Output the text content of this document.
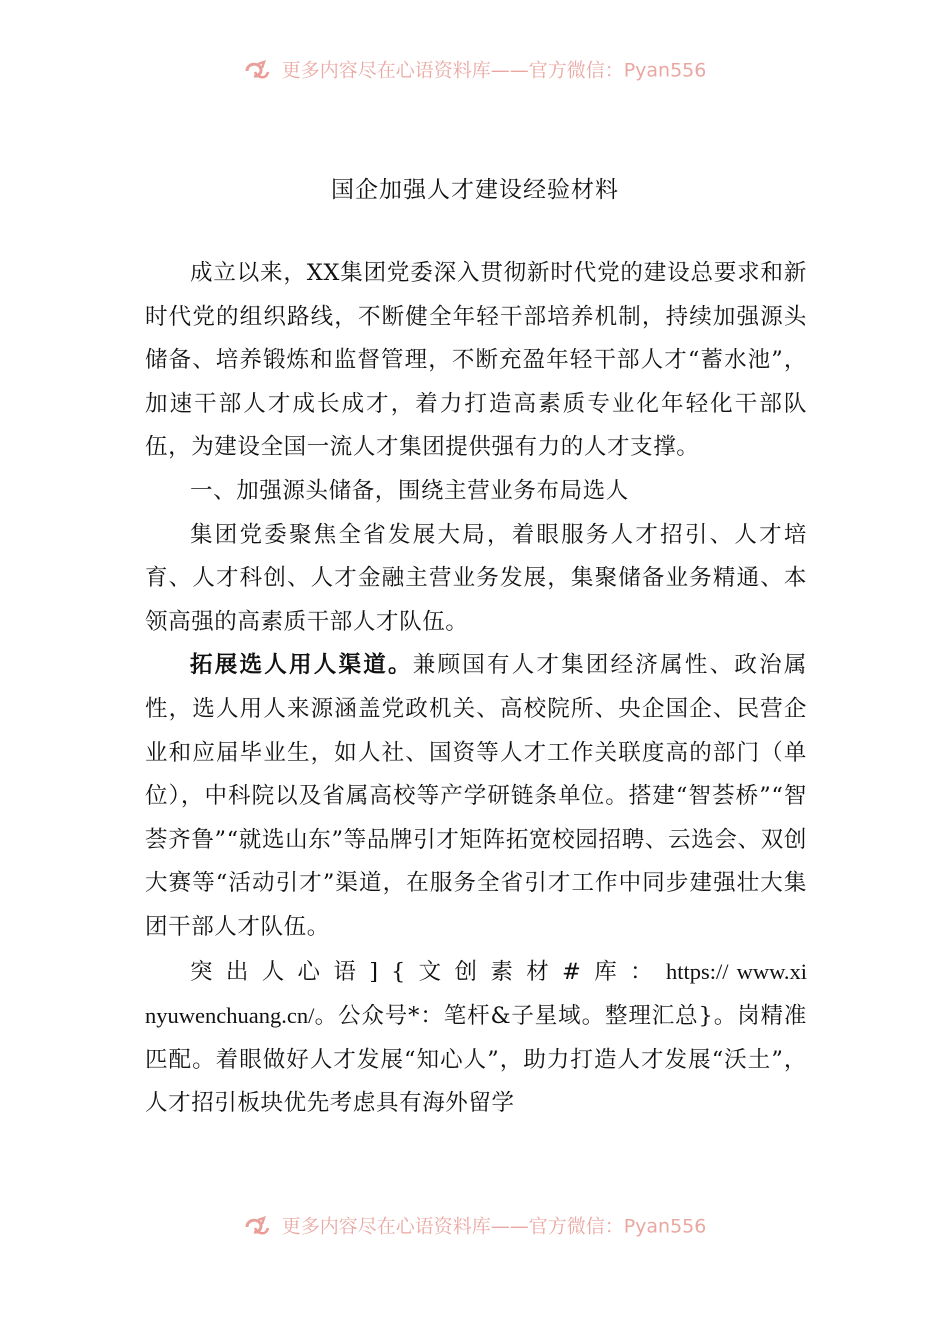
更多内容尽在心语资料库——官方微信：Pyan556
国企加强人才建设经验材料

成立以来，XX集团党委深入贯彻新时代党的建设总要求和新时代党的组织路线，不断健全年轻干部培养机制，持续加强源头储备、培养锻炼和监督管理，不断充盈年轻干部人才“蓄水池”，加速干部人才成长成才，着力打造高素质专业化年轻化干部队伍，为建设全国一流人才集团提供强有力的人才支撑。

一、加强源头储备，围绕主营业务布局选人

集团党委聚焦全省发展大局，着眼服务人才招引、人才培育、人才科创、人才金融主营业务发展，集聚储备业务精通、本领高强的高素质干部人才队伍。

拓展选人用人渠道。兼顾国有人才集团经济属性、政治属性，选人用人来源涵盖党政机关、高校院所、央企国企、民营企业和应届毕业生，如人社、国资等人才工作关联度高的部门（单位），中科院以及省属高校等产学研链条单位。搭建“智荟桥”“智荟齐鲁”“就选山东”等品牌引才矩阵拓宽校园招聘、云选会、双创大赛等“活动引才”渠道，在服务全省引才工作中同步建强壮大集团干部人才队伍。

突出人心语]{文创素材#库：https:// www.xinyuwenchuang.cn/。公众号*：笔杆&子星域。整理汇总}。岗精准匹配。着眼做好人才发展“知心人”，助力打造人才发展“沃土”，人才招引板块优先考虑具有海外留学

更多内容尽在心语资料库——官方微信：Pyan556
